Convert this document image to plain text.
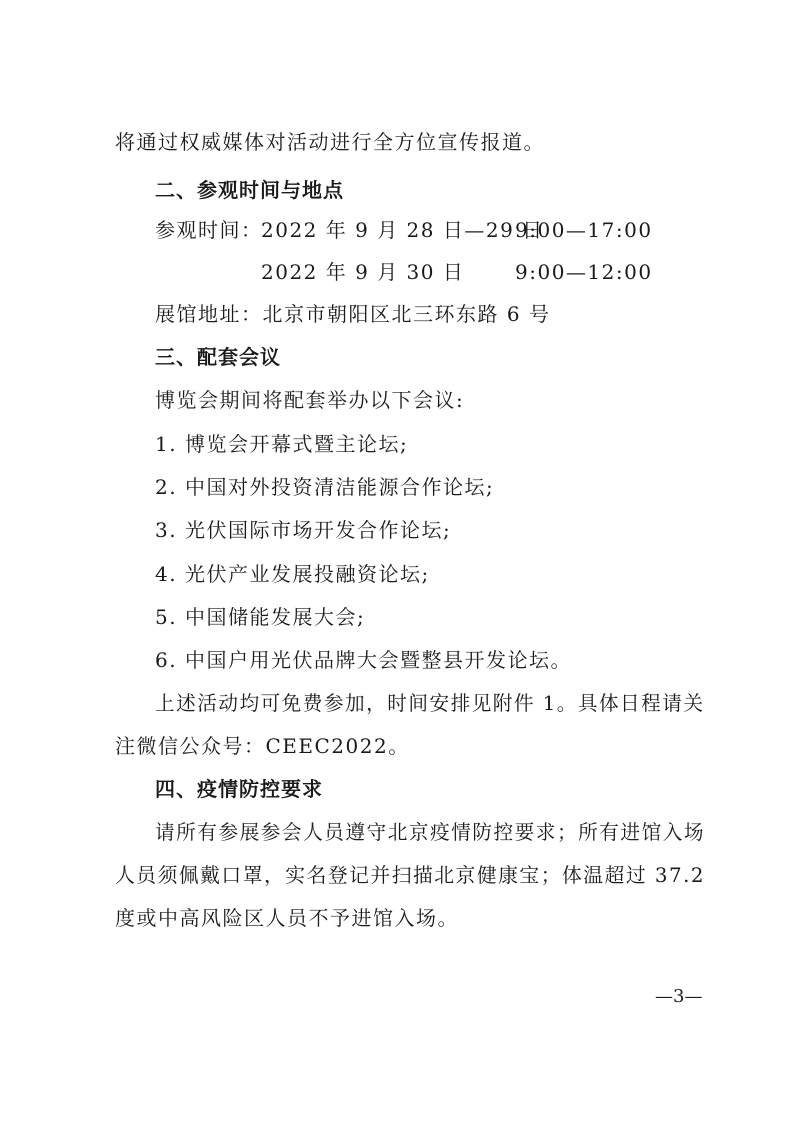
将通过权威媒体对活动进行全方位宣传报道。
二、参观时间与地点
参观时间：
2022 年 9 月 28 日—29 日
9:00—17:00
2022 年 9 月 30 日	9:00—12:00
展馆地址：北京市朝阳区北三环东路 6 号
三、配套会议
博览会期间将配套举办以下会议:
1. 博览会开幕式暨主论坛;
2. 中国对外投资清洁能源合作论坛;
3. 光伏国际市场开发合作论坛;
4. 光伏产业发展投融资论坛;
5. 中国储能发展大会;
6. 中国户用光伏品牌大会暨整县开发论坛。
上述活动均可免费参加，时间安排见附件 1。具体日程请关
注微信公众号：CEEC2022。
四、疫情防控要求
请所有参展参会人员遵守北京疫情防控要求；所有进馆入场
人员须佩戴口罩，实名登记并扫描北京健康宝；体温超过 37.2
度或中高风险区人员不予进馆入场。
—3—
